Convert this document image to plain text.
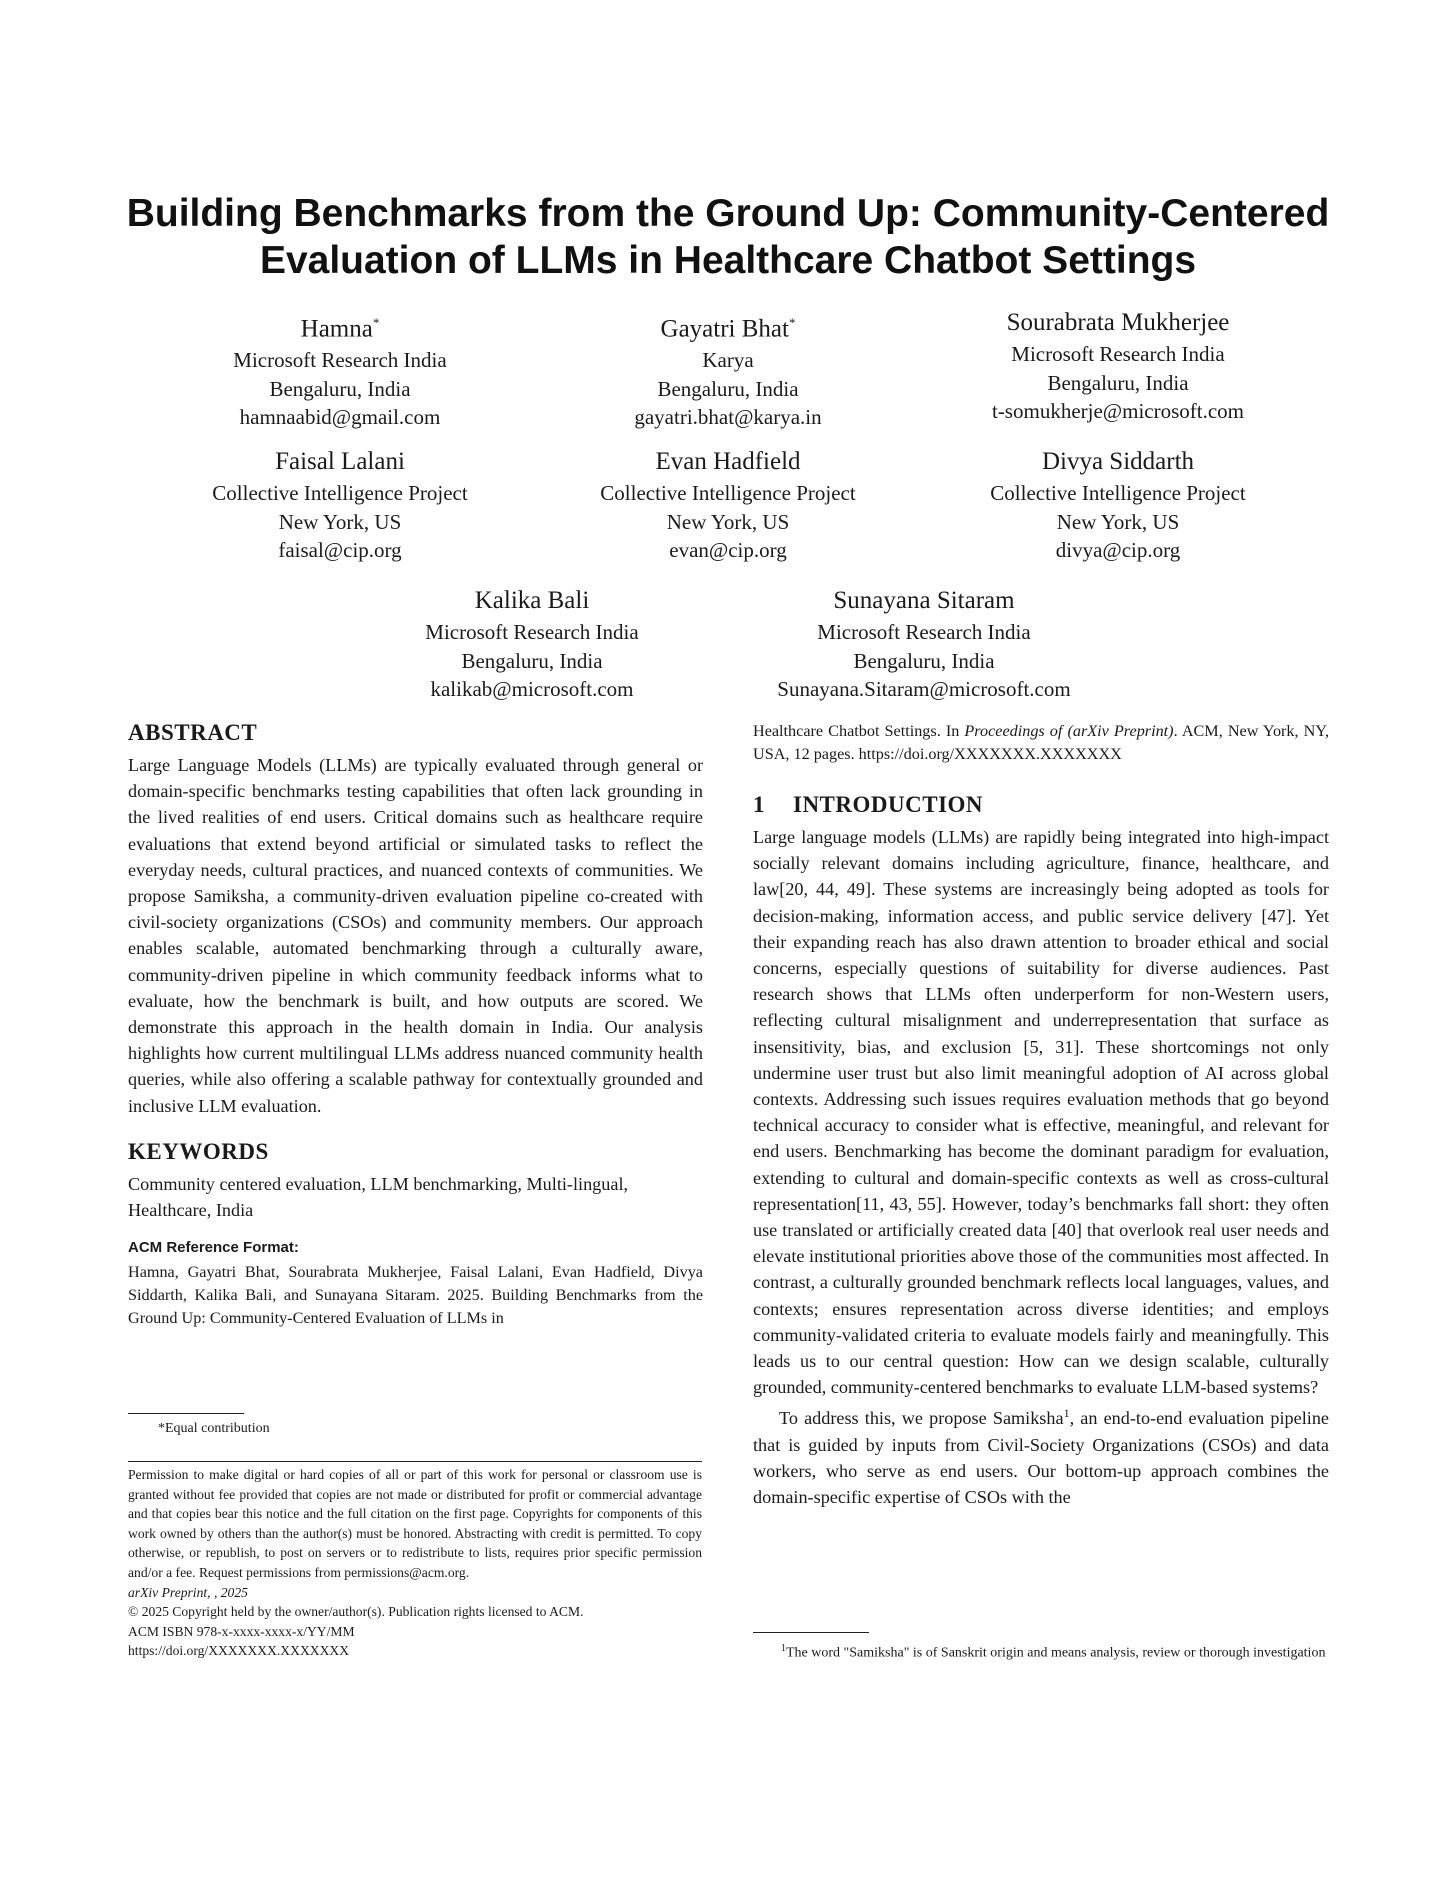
Building Benchmarks from the Ground Up: Community-Centered
Evaluation of LLMs in Healthcare Chatbot Settings
Hamna*
Microsoft Research India
Bengaluru, India
hamnaabid@gmail.com
Gayatri Bhat*
Karya
Bengaluru, India
gayatri.bhat@karya.in
Sourabrata Mukherjee
Microsoft Research India
Bengaluru, India
t-somukherje@microsoft.com
Faisal Lalani
Collective Intelligence Project
New York, US
faisal@cip.org
Evan Hadfield
Collective Intelligence Project
New York, US
evan@cip.org
Divya Siddarth
Collective Intelligence Project
New York, US
divya@cip.org
Kalika Bali
Microsoft Research India
Bengaluru, India
kalikab@microsoft.com
Sunayana Sitaram
Microsoft Research India
Bengaluru, India
Sunayana.Sitaram@microsoft.com
ABSTRACT

Large Language Models (LLMs) are typically evaluated through general or domain-specific benchmarks testing capabilities that often lack grounding in the lived realities of end users. Critical domains such as healthcare require evaluations that extend beyond artificial or simulated tasks to reflect the everyday needs, cultural practices, and nuanced contexts of communities. We propose Samiksha, a community-driven evaluation pipeline co-created with civil-society organizations (CSOs) and community members. Our approach enables scalable, automated benchmarking through a culturally aware, community-driven pipeline in which community feedback informs what to evaluate, how the benchmark is built, and how outputs are scored. We demonstrate this approach in the health domain in India. Our analysis highlights how current multilingual LLMs address nuanced community health queries, while also offering a scalable pathway for contextually grounded and inclusive LLM evaluation.

KEYWORDS

Community centered evaluation, LLM benchmarking, Multi-lingual, Healthcare, India

ACM Reference Format:

Hamna, Gayatri Bhat, Sourabrata Mukherjee, Faisal Lalani, Evan Hadfield, Divya Siddarth, Kalika Bali, and Sunayana Sitaram. 2025. Building Benchmarks from the Ground Up: Community-Centered Evaluation of LLMs in

*Equal contribution

Permission to make digital or hard copies of all or part of this work for personal or classroom use is granted without fee provided that copies are not made or distributed for profit or commercial advantage and that copies bear this notice and the full citation on the first page. Copyrights for components of this work owned by others than the author(s) must be honored. Abstracting with credit is permitted. To copy otherwise, or republish, to post on servers or to redistribute to lists, requires prior specific permission and/or a fee. Request permissions from permissions@acm.org.
arXiv Preprint, , 2025
© 2025 Copyright held by the owner/author(s). Publication rights licensed to ACM.
ACM ISBN 978-x-xxxx-xxxx-x/YY/MM
https://doi.org/XXXXXXX.XXXXXXX

Healthcare Chatbot Settings. In Proceedings of (arXiv Preprint). ACM, New York, NY, USA, 12 pages. https://doi.org/XXXXXXX.XXXXXXX

1 INTRODUCTION

Large language models (LLMs) are rapidly being integrated into high-impact socially relevant domains including agriculture, finance, healthcare, and law[20, 44, 49]. These systems are increasingly being adopted as tools for decision-making, information access, and public service delivery [47]. Yet their expanding reach has also drawn attention to broader ethical and social concerns, especially questions of suitability for diverse audiences. Past research shows that LLMs often underperform for non-Western users, reflecting cultural misalignment and underrepresentation that surface as insensitivity, bias, and exclusion [5, 31]. These shortcomings not only undermine user trust but also limit meaningful adoption of AI across global contexts. Addressing such issues requires evaluation methods that go beyond technical accuracy to consider what is effective, meaningful, and relevant for end users. Benchmarking has become the dominant paradigm for evaluation, extending to cultural and domain-specific contexts as well as cross-cultural representation[11, 43, 55]. However, today’s benchmarks fall short: they often use translated or artificially created data [40] that overlook real user needs and elevate institutional priorities above those of the communities most affected. In contrast, a culturally grounded benchmark reflects local languages, values, and contexts; ensures representation across diverse identities; and employs community-validated criteria to evaluate models fairly and meaningfully. This leads us to our central question: How can we design scalable, culturally grounded, community-centered benchmarks to evaluate LLM-based systems?

To address this, we propose Samiksha$^1$, an end-to-end evaluation pipeline that is guided by inputs from Civil-Society Organizations (CSOs) and data workers, who serve as end users. Our bottom-up approach combines the domain-specific expertise of CSOs with the

$^1$The word "Samiksha" is of Sanskrit origin and means analysis, review or thorough investigation
